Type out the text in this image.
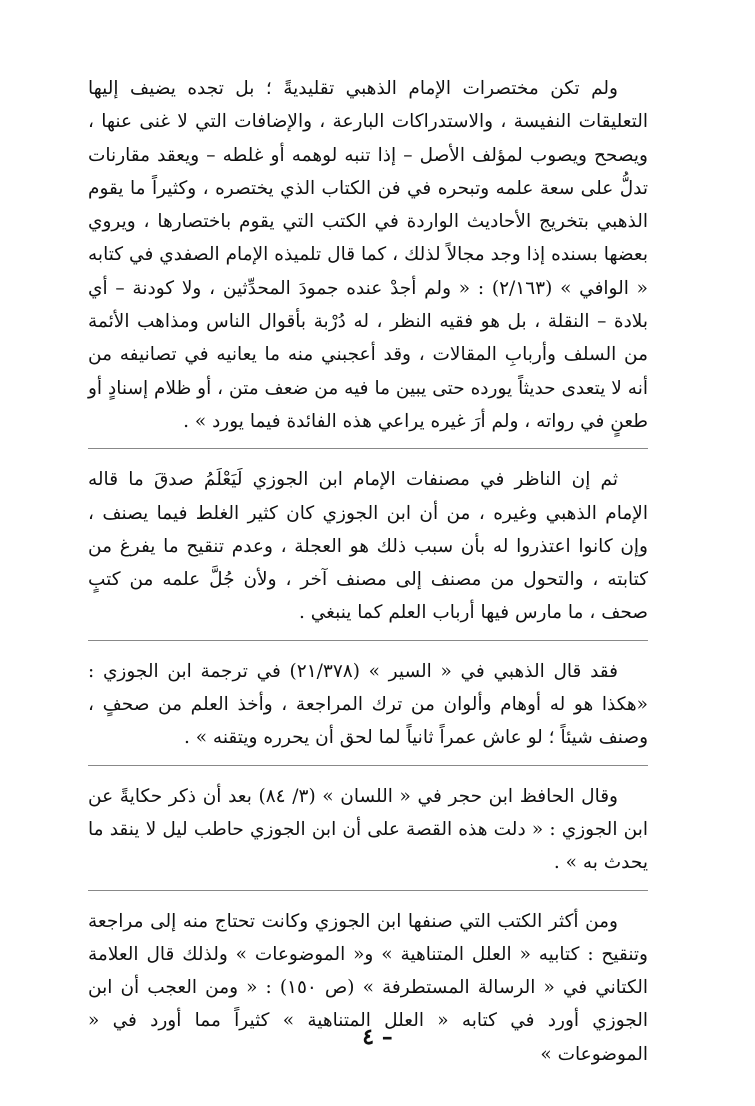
ولم تكن مختصرات الإمام الذهبي تقليديةً ؛ بل تجده يضيف إليها التعليقات النفيسة ، والاستدراكات البارعة ، والإضافات التي لا غنى عنها ، ويصحح ويصوب لمؤلف الأصل – إذا تنبه لوهمه أو غلطه – ويعقد مقارنات تدلُّ على سعة علمه وتبحره في فن الكتاب الذي يختصره ، وكثيراً ما يقوم الذهبي بتخريج الأحاديث الواردة في الكتب التي يقوم باختصارها ، ويروي بعضها بسنده إذا وجد مجالاً لذلك ، كما قال تلميذه الإمام الصفدي في كتابه « الوافي » (٢/١٦٣) : « ولم أجدْ عنده جمودَ المحدِّثين ، ولا كودنة – أي بلادة – النقلة ، بل هو فقيه النظر ، له دُرْبة بأقوال الناس ومذاهب الأئمة من السلف وأربابِ المقالات ، وقد أعجبني منه ما يعانيه في تصانيفه من أنه لا يتعدى حديثاً يورده حتى يبين ما فيه من ضعف متن ، أو ظلام إسنادٍ أو طعنٍ في رواته ، ولم أرَ غيره يراعي هذه الفائدة فيما يورد » .

ثم إن الناظر في مصنفات الإمام ابن الجوزي لَيَعْلَمُ صدقَ ما قاله الإمام الذهبي وغيره ، من أن ابن الجوزي كان كثير الغلط فيما يصنف ، وإن كانوا اعتذروا له بأن سبب ذلك هو العجلة ، وعدم تنقيح ما يفرغ من كتابته ، والتحول من مصنف إلى مصنف آخر ، ولأن جُلَّ علمه من كتبٍ صحف ، ما مارس فيها أرباب العلم كما ينبغي .

فقد قال الذهبي في « السير » (٢١/٣٧٨) في ترجمة ابن الجوزي : «هكذا هو له أوهام وألوان من ترك المراجعة ، وأخذ العلم من صحفٍ ، وصنف شيئاً ؛ لو عاش عمراً ثانياً لما لحق أن يحرره ويتقنه » .

وقال الحافظ ابن حجر في « اللسان » (٣/ ٨٤) بعد أن ذكر حكايةً عن ابن الجوزي : « دلت هذه القصة على أن ابن الجوزي حاطب ليل لا ينقد ما يحدث به » .

ومن أكثر الكتب التي صنفها ابن الجوزي وكانت تحتاج منه إلى مراجعة وتنقيح : كتابيه « العلل المتناهية » و« الموضوعات » ولذلك قال العلامة الكتاني في « الرسالة المستطرفة » (ص ١٥٠) : « ومن العجب أن ابن الجوزي أورد في كتابه « العلل المتناهية » كثيراً مما أورد في « الموضوعات »

– ٤
